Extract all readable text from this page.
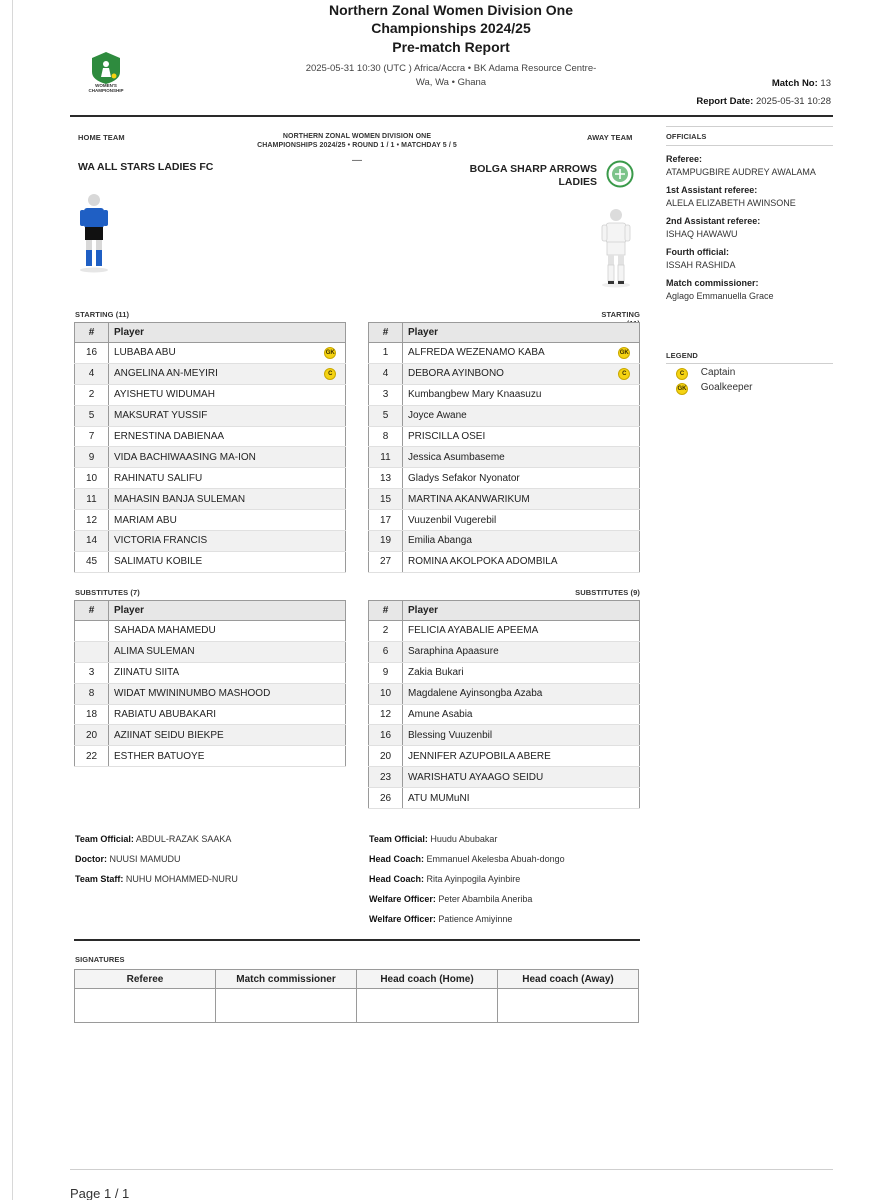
WOMEN'S CHAMPIONSHIP
Northern Zonal Women Division One
Championships 2024/25
Pre-match Report
2025-05-31 10:30 (UTC ) Africa/Accra • BK Adama Resource Centre-
Wa, Wa • Ghana	Match No: 13
Report Date: 2025-05-31 10:28
HOME TEAM	AWAY TEAM
NORTHERN ZONAL WOMEN DIVISION ONE
CHAMPIONSHIPS 2024/25 • ROUND 1 / 1 • MATCHDAY 5 / 5
—
WA ALL STARS LADIES FC	BOLGA SHARP ARROWS
LADIES
STARTING (11)	STARTING
#	Player	
16	LUBABA ABU	GK
4	ANGELINA AN-MEYIRI	C
2	AYISHETU WIDUMAH	
5	MAKSURAT YUSSIF	
7	ERNESTINA DABIENAA	
9	VIDA BACHIWAASING MA-ION	
10	RAHINATU SALIFU	
11	MAHASIN BANJA SULEMAN	
12	MARIAM ABU	
14	VICTORIA FRANCIS	
45	SALIMATU KOBILE	
#	Player	
1	ALFREDA WEZENAMO KABA	GK
4	DEBORA AYINBONO	C
3	Kumbangbew Mary Knaasuzu	
5	Joyce Awane	
8	PRISCILLA OSEI	
11	Jessica Asumbaseme	
13	Gladys Sefakor Nyonator	
15	MARTINA AKANWARIKUM	
17	Vuuzenbil Vugerebil	
19	Emilia Abanga	
27	ROMINA AKOLPOKA ADOMBILA	
SUBSTITUTES (7)	SUBSTITUTES (9)
#	Player	
	SAHADA MAHAMEDU	
	ALIMA SULEMAN	
3	ZIINATU SIITA	
8	WIDAT MWININUMBO MASHOOD	
18	RABIATU ABUBAKARI	
20	AZIINAT SEIDU BIEKPE	
22	ESTHER BATUOYE	
#	Player	
2	FELICIA AYABALIE APEEMA	
6	Saraphina Apaasure	
9	Zakia Bukari	
10	Magdalene Ayinsongba Azaba	
12	Amune Asabia	
16	Blessing Vuuzenbil	
20	JENNIFER AZUPOBILA ABERE	
23	WARISHATU AYAAGO SEIDU	
26	ATU MUMuNI	
OFFICIALS
Referee:
ATAMPUGBIRE AUDREY AWALAMA
1st Assistant referee:
ALELA ELIZABETH AWINSONE
2nd Assistant referee:
ISHAQ HAWAWU
Fourth official:
ISSAH RASHIDA
Match commissioner:
Aglago Emmanuella Grace
LEGEND
C Captain
GK Goalkeeper
Team Official: ABDUL-RAZAK SAAKA
Doctor: NUUSI MAMUDU
Team Staff: NUHU MOHAMMED-NURU
Team Official: Huudu Abubakar
Head Coach: Emmanuel Akelesba Abuah-dongo
Head Coach: Rita Ayinpogila Ayinbire
Welfare Officer: Peter Abambila Aneriba
Welfare Officer: Patience Amiyinne
SIGNATURES
Referee	Match commissioner	Head coach (Home)	Head coach (Away)

Page 1 / 1
